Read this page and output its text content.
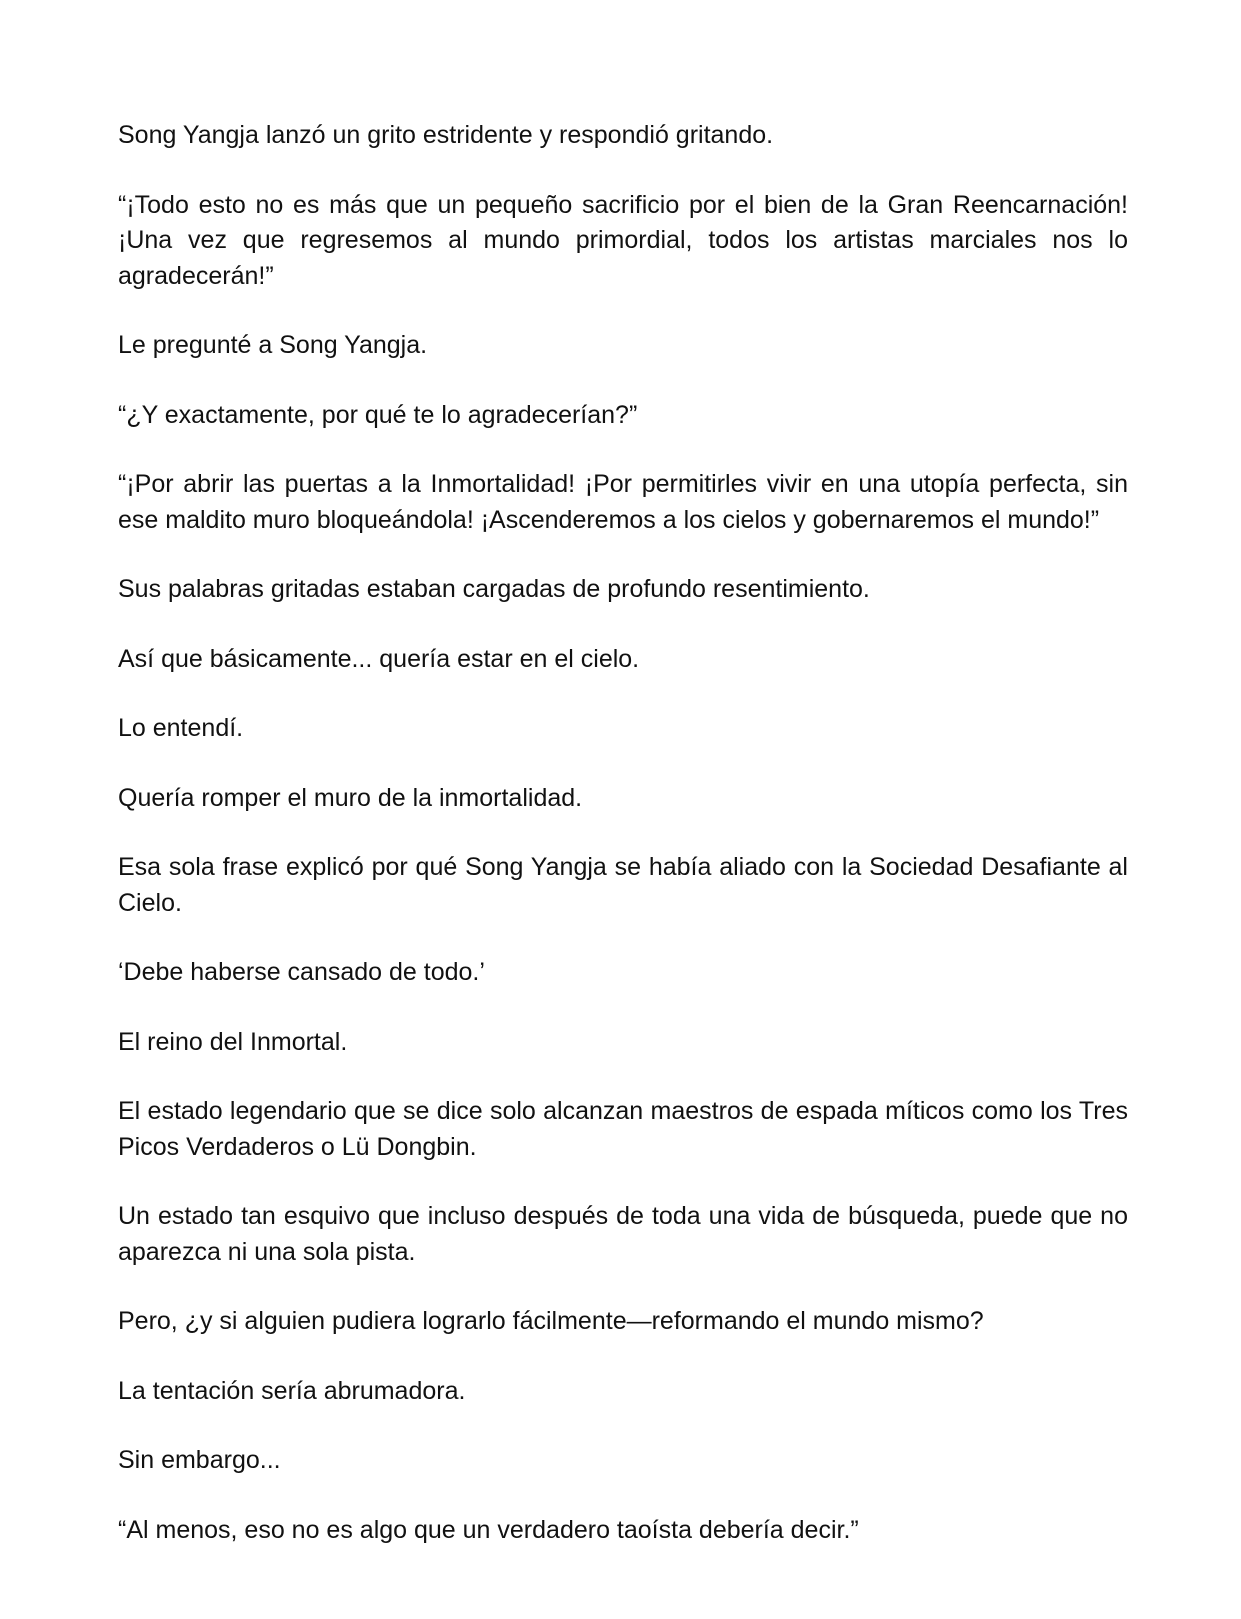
Song Yangja lanzó un grito estridente y respondió gritando.

“¡Todo esto no es más que un pequeño sacrificio por el bien de la Gran Reencarnación! ¡Una vez que regresemos al mundo primordial, todos los artistas marciales nos lo agradecerán!”

Le pregunté a Song Yangja.

“¿Y exactamente, por qué te lo agradecerían?”

“¡Por abrir las puertas a la Inmortalidad! ¡Por permitirles vivir en una utopía perfecta, sin ese maldito muro bloqueándola! ¡Ascenderemos a los cielos y gobernaremos el mundo!”

Sus palabras gritadas estaban cargadas de profundo resentimiento.

Así que básicamente... quería estar en el cielo.

Lo entendí.

Quería romper el muro de la inmortalidad.

Esa sola frase explicó por qué Song Yangja se había aliado con la Sociedad Desafiante al Cielo.

‘Debe haberse cansado de todo.’

El reino del Inmortal.

El estado legendario que se dice solo alcanzan maestros de espada míticos como los Tres Picos Verdaderos o Lü Dongbin.

Un estado tan esquivo que incluso después de toda una vida de búsqueda, puede que no aparezca ni una sola pista.

Pero, ¿y si alguien pudiera lograrlo fácilmente—reformando el mundo mismo?

La tentación sería abrumadora.

Sin embargo...

“Al menos, eso no es algo que un verdadero taoísta debería decir.”
